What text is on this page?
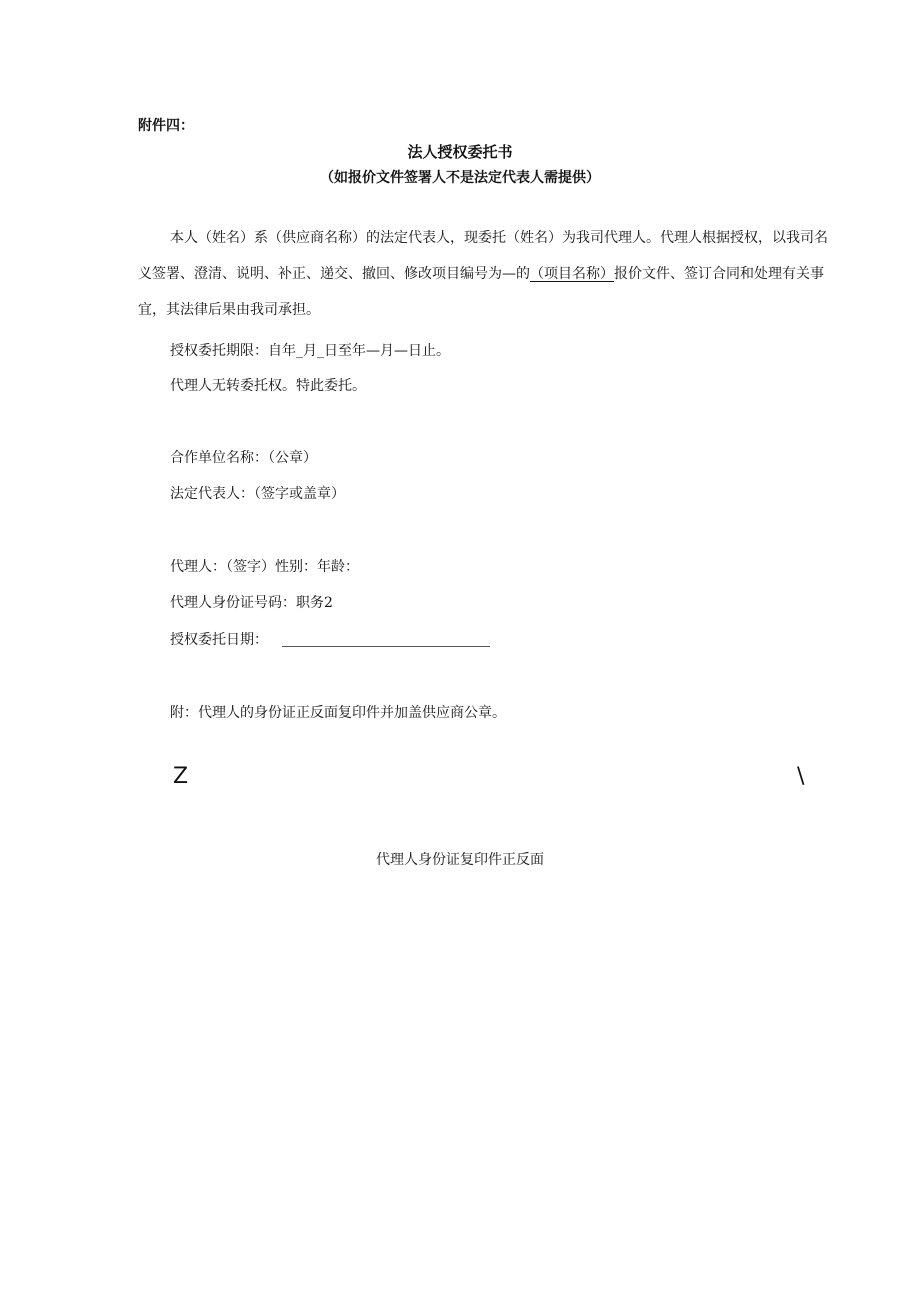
附件四：
法人授权委托书
（如报价文件签署人不是法定代表人需提供）
本人（姓名）系（供应商名称）的法定代表人，现委托（姓名）为我司代理人。代理人根据授权，以我司名义签署、澄清、说明、补正、递交、撤回、修改项目编号为—的（项目名称）报价文件、签订合同和处理有关事宜，其法律后果由我司承担。
授权委托期限：自年_月_日至年—月—日止。
代理人无转委托权。特此委托。
合作单位名称：（公章）
法定代表人：（签字或盖章）
代理人：（签字）性别：年龄：
代理人身份证号码：职务2
授权委托日期：
附：代理人的身份证正反面复印件并加盖供应商公章。
Z	\
代理人身份证复印件正反面
